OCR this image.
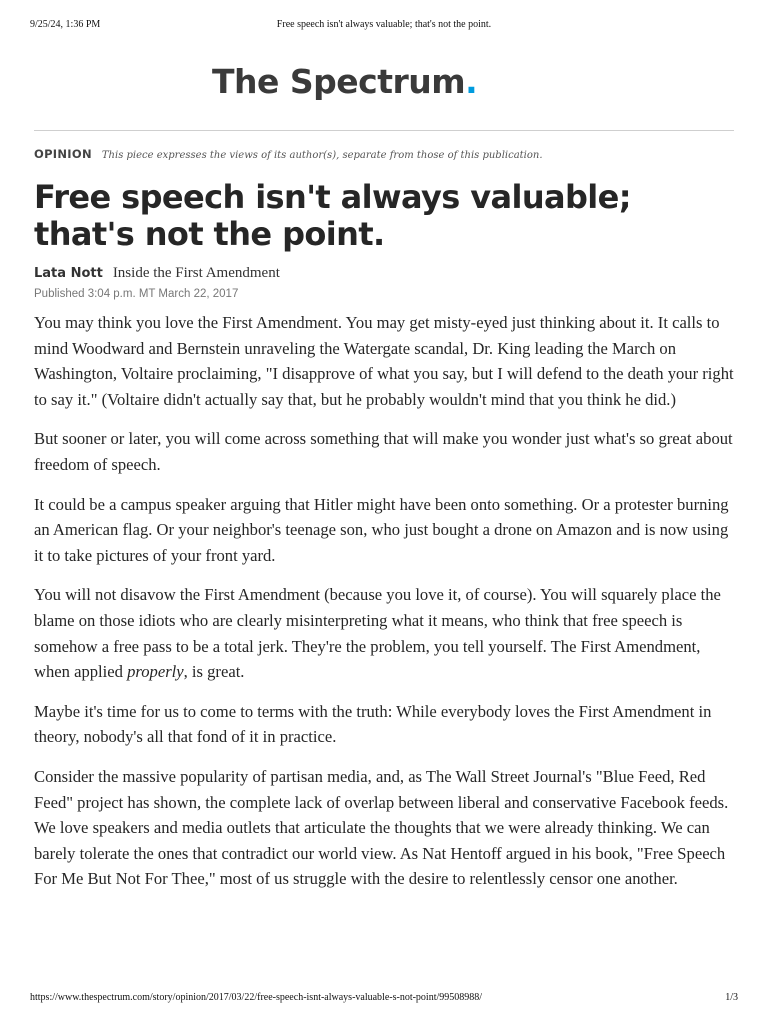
9/25/24, 1:36 PM	Free speech isn't always valuable; that's not the point.
The Spectrum.
OPINION This piece expresses the views of its author(s), separate from those of this publication.
Free speech isn't always valuable; that's not the point.
Lata Nott Inside the First Amendment
Published 3:04 p.m. MT March 22, 2017

You may think you love the First Amendment. You may get misty-eyed just thinking about it. It calls to mind Woodward and Bernstein unraveling the Watergate scandal, Dr. King leading the March on Washington, Voltaire proclaiming, "I disapprove of what you say, but I will defend to the death your right to say it." (Voltaire didn't actually say that, but he probably wouldn't mind that you think he did.)

But sooner or later, you will come across something that will make you wonder just what's so great about freedom of speech.

It could be a campus speaker arguing that Hitler might have been onto something. Or a protester burning an American flag. Or your neighbor's teenage son, who just bought a drone on Amazon and is now using it to take pictures of your front yard.

You will not disavow the First Amendment (because you love it, of course). You will squarely place the blame on those idiots who are clearly misinterpreting what it means, who think that free speech is somehow a free pass to be a total jerk. They're the problem, you tell yourself. The First Amendment, when applied properly, is great.

Maybe it's time for us to come to terms with the truth: While everybody loves the First Amendment in theory, nobody's all that fond of it in practice.

Consider the massive popularity of partisan media, and, as The Wall Street Journal's "Blue Feed, Red Feed" project has shown, the complete lack of overlap between liberal and conservative Facebook feeds. We love speakers and media outlets that articulate the thoughts that we were already thinking. We can barely tolerate the ones that contradict our world view. As Nat Hentoff argued in his book, "Free Speech For Me But Not For Thee," most of us struggle with the desire to relentlessly censor one another.

https://www.thespectrum.com/story/opinion/2017/03/22/free-speech-isnt-always-valuable-s-not-point/99508988/	1/3
